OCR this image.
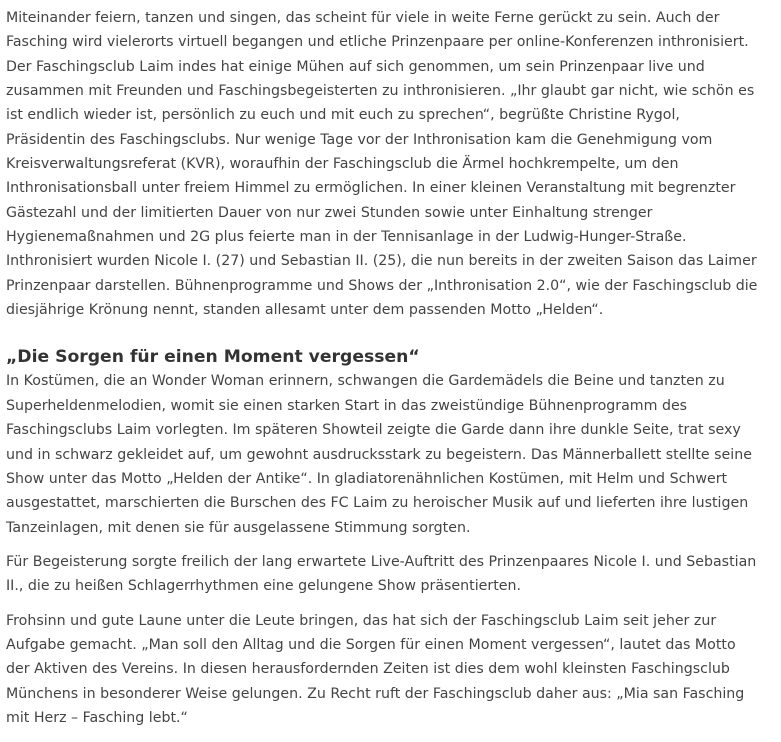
Miteinander feiern, tanzen und singen, das scheint für viele in weite Ferne gerückt zu sein. Auch der Fasching wird vielerorts virtuell begangen und etliche Prinzenpaare per online-Konferenzen inthronisiert. Der Faschingsclub Laim indes hat einige Mühen auf sich genommen, um sein Prinzenpaar live und zusammen mit Freunden und Faschingsbegeisterten zu inthronisieren. „Ihr glaubt gar nicht, wie schön es ist endlich wieder ist, persönlich zu euch und mit euch zu sprechen“, begrüßte Christine Rygol, Präsidentin des Faschingsclubs. Nur wenige Tage vor der Inthronisation kam die Genehmigung vom Kreisverwaltungsreferat (KVR), woraufhin der Faschingsclub die Ärmel hochkrempelte, um den Inthronisationsball unter freiem Himmel zu ermöglichen. In einer kleinen Veranstaltung mit begrenzter Gästezahl und der limitierten Dauer von nur zwei Stunden sowie unter Einhaltung strenger Hygienemaßnahmen und 2G plus feierte man in der Tennisanlage in der Ludwig-Hunger-Straße. Inthronisiert wurden Nicole I. (27) und Sebastian II. (25), die nun bereits in der zweiten Saison das Laimer Prinzenpaar darstellen. Bühnenprogramme und Shows der „Inthronisation 2.0“, wie der Faschingsclub die diesjährige Krönung nennt, standen allesamt unter dem passenden Motto „Helden“.

„Die Sorgen für einen Moment vergessen“

In Kostümen, die an Wonder Woman erinnern, schwangen die Gardemädels die Beine und tanzten zu Superheldenmelodien, womit sie einen starken Start in das zweistündige Bühnenprogramm des Faschingsclubs Laim vorlegten. Im späteren Showteil zeigte die Garde dann ihre dunkle Seite, trat sexy und in schwarz gekleidet auf, um gewohnt ausdrucksstark zu begeistern. Das Männerballett stellte seine Show unter das Motto „Helden der Antike“. In gladiatorenähnlichen Kostümen, mit Helm und Schwert ausgestattet, marschierten die Burschen des FC Laim zu heroischer Musik auf und lieferten ihre lustigen Tanzeinlagen, mit denen sie für ausgelassene Stimmung sorgten.

Für Begeisterung sorgte freilich der lang erwartete Live-Auftritt des Prinzenpaares Nicole I. und Sebastian II., die zu heißen Schlagerrhythmen eine gelungene Show präsentierten.

Frohsinn und gute Laune unter die Leute bringen, das hat sich der Faschingsclub Laim seit jeher zur Aufgabe gemacht. „Man soll den Alltag und die Sorgen für einen Moment vergessen“, lautet das Motto der Aktiven des Vereins. In diesen herausfordernden Zeiten ist dies dem wohl kleinsten Faschingsclub Münchens in besonderer Weise gelungen. Zu Recht ruft der Faschingsclub daher aus: „Mia san Fasching mit Herz – Fasching lebt.“
